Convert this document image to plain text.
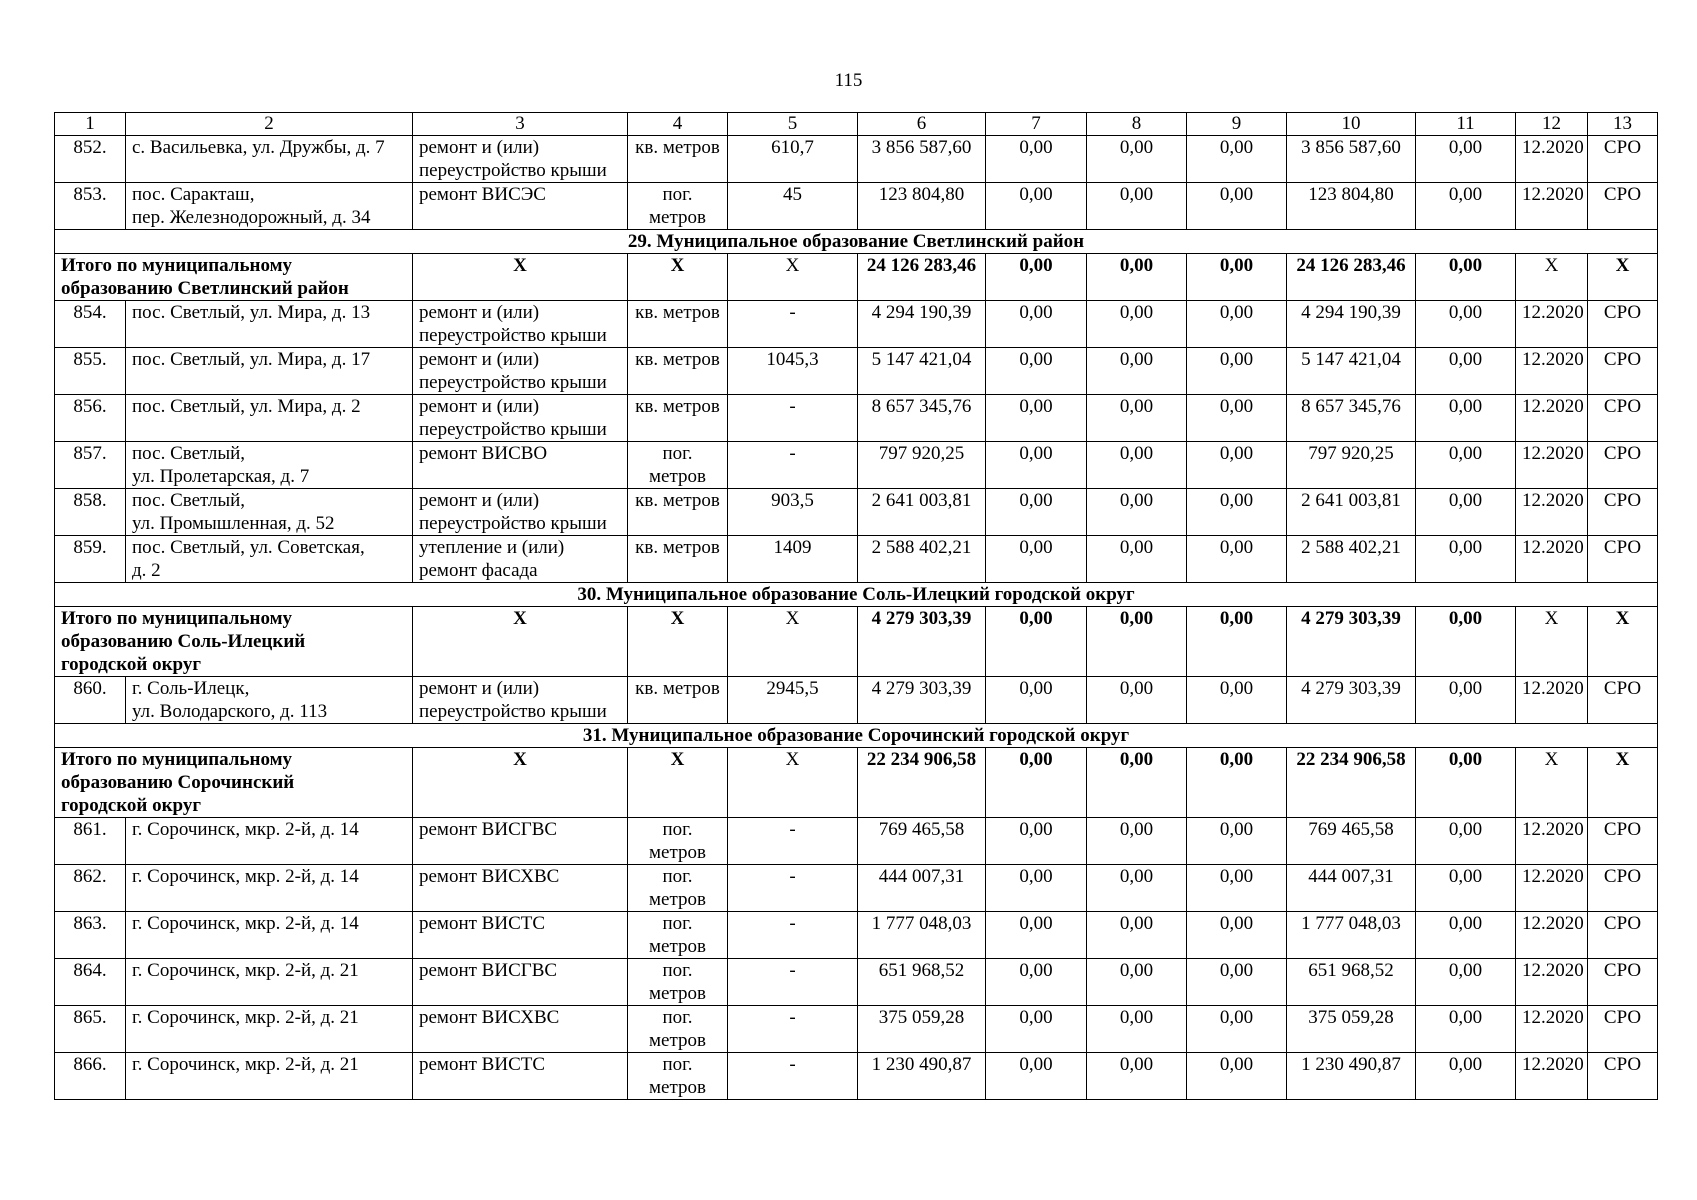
115
1	2	3	4	5	6	7	8	9	10	11	12	13
852.	с. Васильевка, ул. Дружбы, д. 7	ремонт и (или)
переустройство крыши	кв. метров	610,7	3 856 587,60	0,00	0,00	0,00	3 856 587,60	0,00	12.2020	СРО
853.	пос. Саракташ,
пер. Железнодорожный, д. 34	ремонт ВИСЭС	пог.
метров	45	123 804,80	0,00	0,00	0,00	123 804,80	0,00	12.2020	СРО
29. Муниципальное образование Светлинский район												
Итого по муниципальному
образованию Светлинский район		Х	Х	Х	24 126 283,46	0,00	0,00	0,00	24 126 283,46	0,00	Х	Х
854.	пос. Светлый, ул. Мира, д. 13	ремонт и (или)
переустройство крыши	кв. метров	-	4 294 190,39	0,00	0,00	0,00	4 294 190,39	0,00	12.2020	СРО
855.	пос. Светлый, ул. Мира, д. 17	ремонт и (или)
переустройство крыши	кв. метров	1045,3	5 147 421,04	0,00	0,00	0,00	5 147 421,04	0,00	12.2020	СРО
856.	пос. Светлый, ул. Мира, д. 2	ремонт и (или)
переустройство крыши	кв. метров	-	8 657 345,76	0,00	0,00	0,00	8 657 345,76	0,00	12.2020	СРО
857.	пос. Светлый,
ул. Пролетарская, д. 7	ремонт ВИСВО	пог.
метров	-	797 920,25	0,00	0,00	0,00	797 920,25	0,00	12.2020	СРО
858.	пос. Светлый,
ул. Промышленная, д. 52	ремонт и (или)
переустройство крыши	кв. метров	903,5	2 641 003,81	0,00	0,00	0,00	2 641 003,81	0,00	12.2020	СРО
859.	пос. Светлый, ул. Советская,
д. 2	утепление и (или)
ремонт фасада	кв. метров	1409	2 588 402,21	0,00	0,00	0,00	2 588 402,21	0,00	12.2020	СРО
30. Муниципальное образование Соль-Илецкий городской округ												
Итого по муниципальному
образованию Соль-Илецкий
городской округ		Х	Х	Х	4 279 303,39	0,00	0,00	0,00	4 279 303,39	0,00	Х	Х
860.	г. Соль-Илецк,
ул. Володарского, д. 113	ремонт и (или)
переустройство крыши	кв. метров	2945,5	4 279 303,39	0,00	0,00	0,00	4 279 303,39	0,00	12.2020	СРО
31. Муниципальное образование Сорочинский городской округ												
Итого по муниципальному
образованию Сорочинский
городской округ		Х	Х	Х	22 234 906,58	0,00	0,00	0,00	22 234 906,58	0,00	Х	Х
861.	г. Сорочинск, мкр. 2-й, д. 14	ремонт ВИСГВС	пог.
метров	-	769 465,58	0,00	0,00	0,00	769 465,58	0,00	12.2020	СРО
862.	г. Сорочинск, мкр. 2-й, д. 14	ремонт ВИСХВС	пог.
метров	-	444 007,31	0,00	0,00	0,00	444 007,31	0,00	12.2020	СРО
863.	г. Сорочинск, мкр. 2-й, д. 14	ремонт ВИСТС	пог.
метров	-	1 777 048,03	0,00	0,00	0,00	1 777 048,03	0,00	12.2020	СРО
864.	г. Сорочинск, мкр. 2-й, д. 21	ремонт ВИСГВС	пог.
метров	-	651 968,52	0,00	0,00	0,00	651 968,52	0,00	12.2020	СРО
865.	г. Сорочинск, мкр. 2-й, д. 21	ремонт ВИСХВС	пог.
метров	-	375 059,28	0,00	0,00	0,00	375 059,28	0,00	12.2020	СРО
866.	г. Сорочинск, мкр. 2-й, д. 21	ремонт ВИСТС	пог.
метров	-	1 230 490,87	0,00	0,00	0,00	1 230 490,87	0,00	12.2020	СРО
